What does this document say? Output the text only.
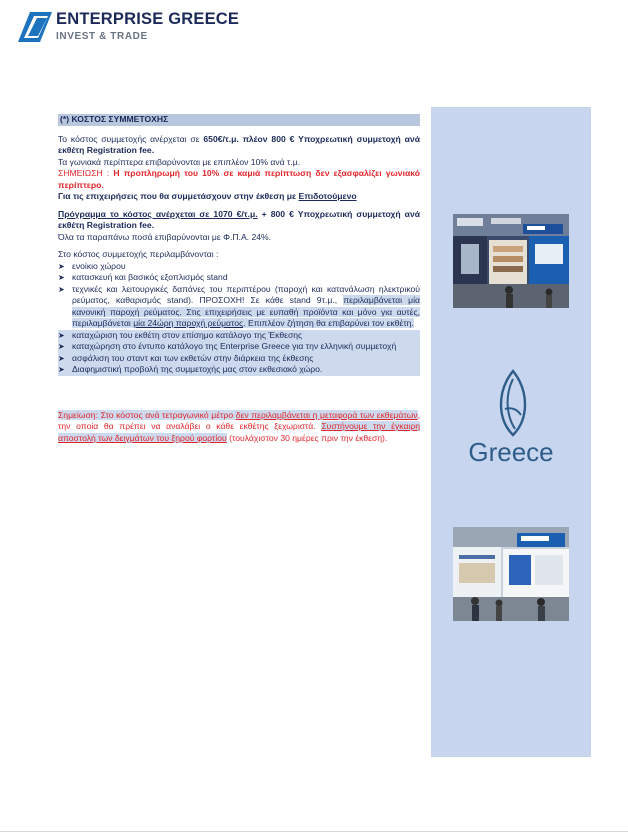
ENTERPRISE GREECE
INVEST & TRADE
(*) ΚΟΣΤΟΣ ΣΥΜΜΕΤΟΧΗΣ

Το κόστος συμμετοχής ανέρχεται σε 650€/τ.μ. πλέον 800 € Υποχρεωτική συμμετοχή ανά εκθέτη Registration fee.

Τα γωνιακά περίπτερα επιβαρύνονται με επιπλέον 10% ανά τ.μ.

ΣΗΜΕΙΩΣΗ : Η προπληρωμή του 10% σε καμιά περίπτωση δεν εξασφαλίζει γωνιακό περίπτερο.

Για τις επιχειρήσεις που θα συμμετάσχουν στην έκθεση με Επιδοτούμενο

Πρόγραμμα το κόστος ανέρχεται σε 1070 €/τ.μ. + 800 € Υποχρεωτική συμμετοχή ανά εκθέτη Registration fee.

Όλα τα παραπάνω ποσά επιβαρύνονται με Φ.Π.Α. 24%.

Στο κόστος συμμετοχής περιλαμβάνονται :

➤ ενοίκιο χώρου
➤ κατασκευή και βασικός εξοπλισμός stand
➤ τεχνικές και λειτουργικές δαπάνες του περιπτέρου (παροχή και κατανάλωση ηλεκτρικού ρεύματος, καθαρισμός stand). ΠΡΟΣΟΧΗ! Σε κάθε stand 9τ.μ., περιλαμβάνεται μία κανονική παροχή ρεύματος. Στις επιχειρήσεις με ευπαθή προϊόντα και μόνο για αυτές, περιλαμβάνεται μία 24ώρη παροχή ρεύματος. Επιπλέον ζήτηση θα επιβαρύνει τον εκθέτη.
➤ καταχώριση του εκθέτη στον επίσημο κατάλογο της Έκθεσης
➤ καταχώρηση στο έντυπο κατάλογο της Enterprise Greece για την ελληνική συμμετοχή
➤ ασφάλιση του σταντ και των εκθετών στην διάρκεια της έκθεσης
➤ Διαφημιστική προβολή της συμμετοχής μας στον εκθεσιακό χώρο.

Σημείωση: Στο κόστος ανά τετραγωνικό μέτρο δεν περιλαμβάνεται η μεταφορά των εκθεμάτων, την οποία θα πρέπει να αναλάβει ο κάθε εκθέτης ξεχωριστά. Συστήνουμε την έγκαιρη αποστολή των δειγμάτων του ξηρού φορτίου (τουλάχιστον 30 ημέρες πριν την έκθεση).	Greece
